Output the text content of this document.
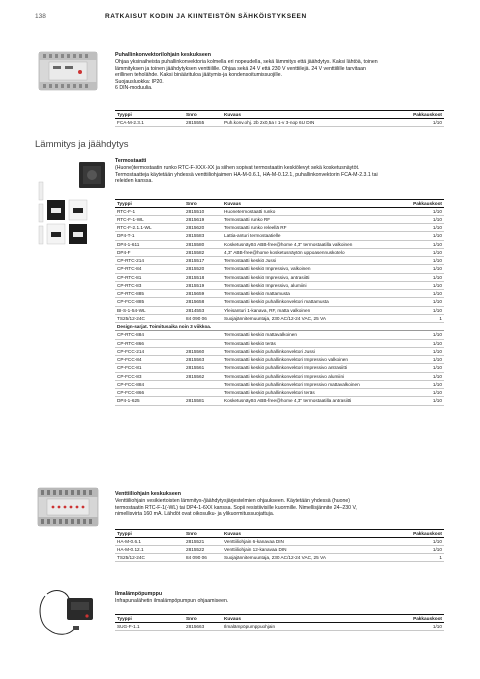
138	RATKAISUT KODIN JA KIINTEISTÖN SÄHKÖISTYKSEEN
Puhallinkonvektorilohjain keskukseen
Ohjaa yksinaiheista puhallinkonvektoria kolmella eri nopeudella, sekä lämmitys että jäähdytys. Kaksi lähtöä, toinen
lämmityksen ja toinen jäähdytyksen venttiilille. Ohjaa sekä 24 V että 230 V venttiilejä. 24 V venttiilille tarvitaan
erillinen teholähde. Kaksi binääritulоa jäätymis-ja kondensoitumissuojille.
Suojausluokka: IP20.
6 DIN-moduulia.
Tyyppi	Snro	Kuvaus	Pakkauskoot
FCA-M-2.3.1	2815555	Puh.konv.ohj. 2b 2x0,5a I 1-v 3-nop 6U DIN	1/10
Lämmitys ja jäähdytys
Termostaatti
(Huone)termostaatin runko RTC-F-XXX-XX ja siihen sopivat termostaatin keskiölevyt sekä kosketusnäytöt.
Termostaatteja käytetään yhdessä venttiiliohjaimen HA-M-0.6.1, HA-M-0.12.1, puhallinkonvektorin FCA-M-2.3.1 tai
releiden kanssa.
Tyyppi	Snro	Kuvaus	Pakkauskoot
RTC-F-1	2815510	Huonetermostaatti runko	1/10
RTC-F-1-WL	2815619	Termostaatti runko RF	1/10
RTC-F-2.1.1-WL	2815620	Termostaatti runko releellä RF	1/10
DP4-T-1	2815583	Lattia-anturi termostaatielle	1/10
DP4-1-611	2815580	Kosketusnäyttö ABB-free@home 4,3" termostaatilla valkoinen	1/10
DP4-F	2815582	4,3" ABB-free@home kosketusnäytön uppoasennuskotelo	1/10
CP-RTC-214	2815517	Termostaatti keskiö Jussi	1/10
CP-RTC-84	2815520	Termostaatti keskiö Impressivo, valkoinen	1/10
CP-RTC-81	2815518	Termostaatti keskiö Impressivo, antrasiitti	1/10
CP-RTC-83	2815519	Termostaatti keskiö Impressivo, alumiini	1/10
CP-RTC-885	2815659	Termostaatti keskiö mattamusta	1/10
CP-FCC-885	2815658	Termostaatti keskiö puhallinkonvektori mattamusta	1/10
BI-S-1-54-WL	2814553	Yleisanturi 1-kanava, RF, matta valkoinen	1/10
TS25/12-24C	84 090 06	Suojajännitemuuntaja, 230 AC/12-24 VAC, 25 VA	1
Design-sarjat. Toimitusaika noin 3 viikkoa.			
CP-RTC-884		Termostaatti keskiö mattavalkoinen	1/10
CP-RTC-866		Termostaatti keskiö teräs	1/10
CP-FCC-214	2815560	Termostaatti keskiö puhallinkonvektori Jussi	1/10
CP-FCC-84	2815563	Termostaatti keskiö puhallinkonvektori Impressivo valkoinen	1/10
CP-FCC-81	2815561	Termostaatti keskiö puhallinkonvektori Impressivo antrasiitti	1/10
CP-FCC-83	2815562	Termostaatti keskiö puhallinkonvektori Impressivo alumiini	1/10
CP-FCC-884		Termostaatti keskiö puhallinkonvektori Impressivo mattavalkoinen	1/10
CP-FCC-866		Termostaatti keskiö puhallinkonvektori teräs	1/10
DP4-1-625	2815581	Kosketusnäyttö ABB-free@home 4,3" termostaatilla antrasiitti	1/10
Venttiiliohjain keskukseen
Venttiiliohjain vesikiertoisten lämmitys-/jäähdytysjärjestelmien ohjaukseen. Käytetään yhdessä (huone)
termostaatin RTC-F-1(-WL) tai DP4-1-6XX kanssa. Sopii resistiivisille kuormille. Nimellisjännite 24–230 V,
nimellisvirta 160 mA. Lähdöt ovat oikosulku- ja ylikuormitussuojattuja.
Tyyppi	Snro	Kuvaus	Pakkauskoot
HA-M-0.6.1	2815521	Venttiiliohjain 6-kanavaa DIN	1/10
HA-M-0.12.1	2815522	Venttiiliohjain 12-kanavaa DIN	1/10
TS25/12-24C	84 090 06	Suojajännitemuuntaja, 230 AC/12-24 VAC, 25 VA	1
Ilmalämpöpumppu
Infrapunalähetin ilmalämpöpumpun ohjaamiseen.
Tyyppi	Snro	Kuvaus	Pakkauskoot
SUG-F-1.1	2815663	Ilmalämpöpumppuohjain	1/10
